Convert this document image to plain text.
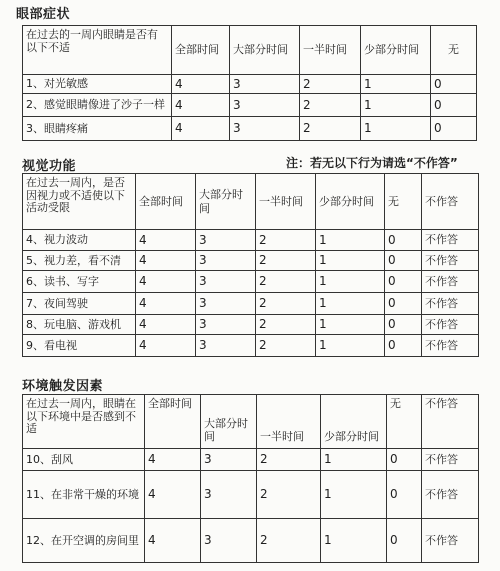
眼部症状
在过去的一周内眼睛是否有以下不适	全部时间	大部分时间	一半时间	少部分时间	无
1、对光敏感	4	3	2	1	0
2、感觉眼睛像进了沙子一样	4	3	2	1	0
3、眼睛疼痛	4	3	2	1	0
视觉功能	注：若无以下行为请选“不作答”
在过去一周内，是否因视力或不适使以下活动受限	全部时间	大部分时间	一半时间	少部分时间	无	不作答
4、视力波动	4	3	2	1	0	不作答
5、视力差，看不清	4	3	2	1	0	不作答
6、读书、写字	4	3	2	1	0	不作答
7、夜间驾驶	4	3	2	1	0	不作答
8、玩电脑、游戏机	4	3	2	1	0	不作答
9、看电视	4	3	2	1	0	不作答
环境触发因素
在过去一周内，眼睛在以下环境中是否感到不适	全部时间	大部分时间	一半时间	少部分时间	无	不作答
10、刮风	4	3	2	1	0	不作答
11、在非常干燥的环境	4	3	2	1	0	不作答
12、在开空调的房间里	4	3	2	1	0	不作答
